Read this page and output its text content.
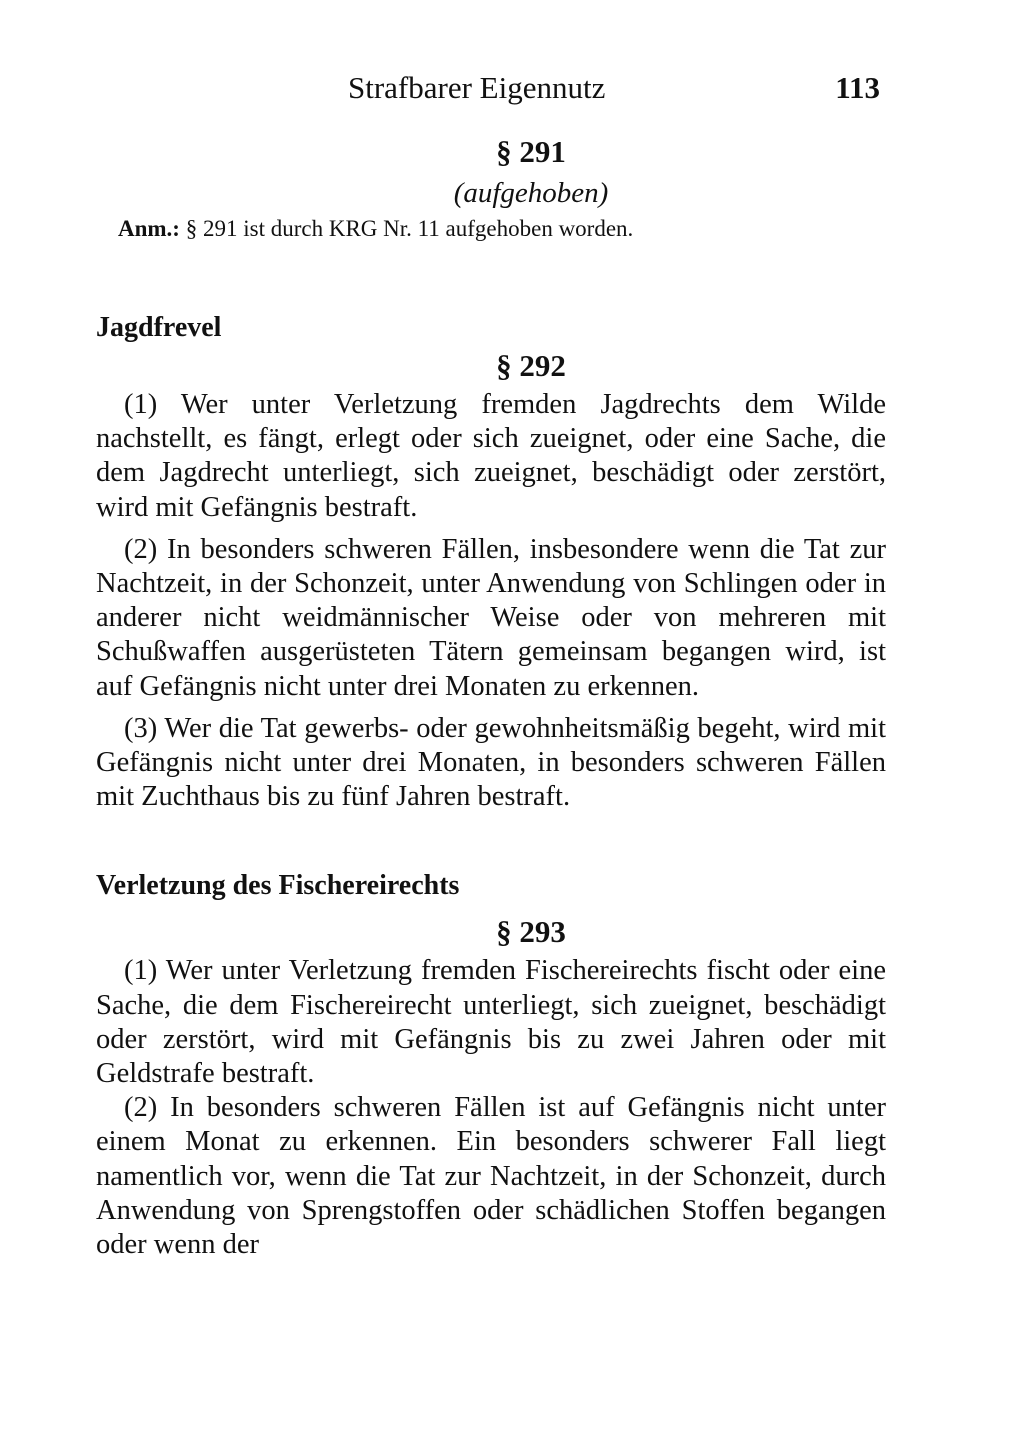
Strafbarer Eigennutz	113
§ 291
(aufgehoben)
Anm.: § 291 ist durch KRG Nr. 11 aufgehoben worden.
Jagdfrevel
§ 292

(1) Wer unter Verletzung fremden Jagdrechts dem Wilde nachstellt, es fängt, erlegt oder sich zueignet, oder eine Sache, die dem Jagdrecht unterliegt, sich zueignet, beschädigt oder zerstört, wird mit Gefängnis bestraft.

(2) In besonders schweren Fällen, insbesondere wenn die Tat zur Nachtzeit, in der Schonzeit, unter Anwendung von Schlingen oder in anderer nicht weidmännischer Weise oder von mehreren mit Schußwaffen ausgerüsteten Tätern gemeinsam begangen wird, ist auf Gefängnis nicht unter drei Monaten zu erkennen.

(3) Wer die Tat gewerbs- oder gewohnheitsmäßig begeht, wird mit Gefängnis nicht unter drei Monaten, in besonders schweren Fällen mit Zuchthaus bis zu fünf Jahren bestraft.

Verletzung des Fischereirechts
§ 293

(1) Wer unter Verletzung fremden Fischereirechts fischt oder eine Sache, die dem Fischereirecht unterliegt, sich zueignet, beschädigt oder zerstört, wird mit Gefängnis bis zu zwei Jahren oder mit Geldstrafe bestraft.

(2) In besonders schweren Fällen ist auf Gefängnis nicht unter einem Monat zu erkennen. Ein besonders schwerer Fall liegt namentlich vor, wenn die Tat zur Nachtzeit, in der Schonzeit, durch Anwendung von Sprengstoffen oder schädlichen Stoffen begangen oder wenn der
